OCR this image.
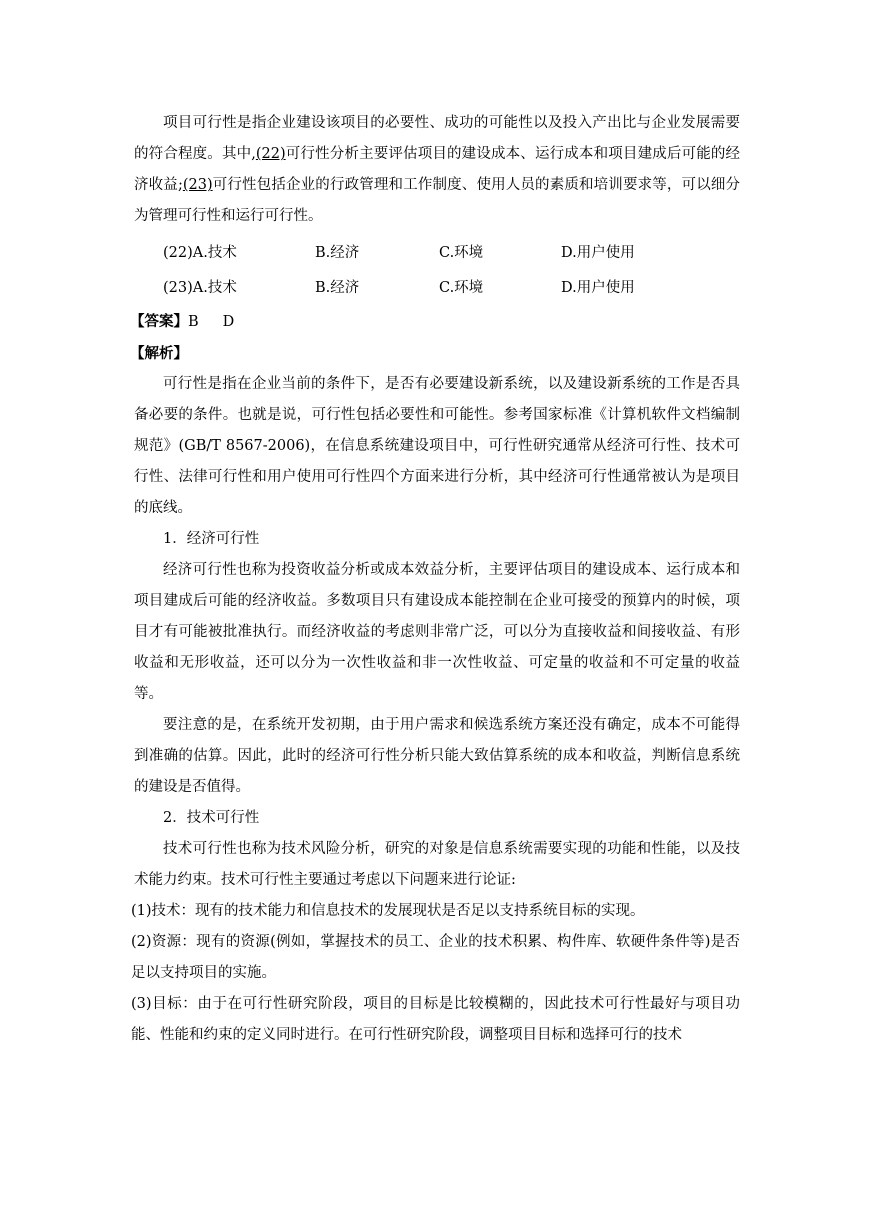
项目可行性是指企业建设该项目的必要性、成功的可能性以及投入产出比与企业发展需要的符合程度。其中,(22)可行性分析主要评估项目的建设成本、运行成本和项目建成后可能的经济收益;(23)可行性包括企业的行政管理和工作制度、使用人员的素质和培训要求等，可以细分为管理可行性和运行可行性。

(22)A.技术	B.经济	C.环境	D.用户使用
(23)A.技术	B.经济	C.环境	D.用户使用
【答案】B D
【解析】

可行性是指在企业当前的条件下，是否有必要建设新系统，以及建设新系统的工作是否具备必要的条件。也就是说，可行性包括必要性和可能性。参考国家标准《计算机软件文档编制规范》(GB/T 8567-2006)，在信息系统建设项目中，可行性研究通常从经济可行性、技术可行性、法律可行性和用户使用可行性四个方面来进行分析，其中经济可行性通常被认为是项目的底线。

1．经济可行性

经济可行性也称为投资收益分析或成本效益分析，主要评估项目的建设成本、运行成本和项目建成后可能的经济收益。多数项目只有建设成本能控制在企业可接受的预算内的时候，项目才有可能被批准执行。而经济收益的考虑则非常广泛，可以分为直接收益和间接收益、有形收益和无形收益，还可以分为一次性收益和非一次性收益、可定量的收益和不可定量的收益等。

要注意的是，在系统开发初期，由于用户需求和候选系统方案还没有确定，成本不可能得到准确的估算。因此，此时的经济可行性分析只能大致估算系统的成本和收益，判断信息系统的建设是否值得。

2．技术可行性

技术可行性也称为技术风险分析，研究的对象是信息系统需要实现的功能和性能，以及技术能力约束。技术可行性主要通过考虑以下问题来进行论证:

(1)技术：现有的技术能力和信息技术的发展现状是否足以支持系统目标的实现。

(2)资源：现有的资源(例如，掌握技术的员工、企业的技术积累、构件库、软硬件条件等)是否足以支持项目的实施。

(3)目标：由于在可行性研究阶段，项目的目标是比较模糊的，因此技术可行性最好与项目功能、性能和约束的定义同时进行。在可行性研究阶段，调整项目目标和选择可行的技术
